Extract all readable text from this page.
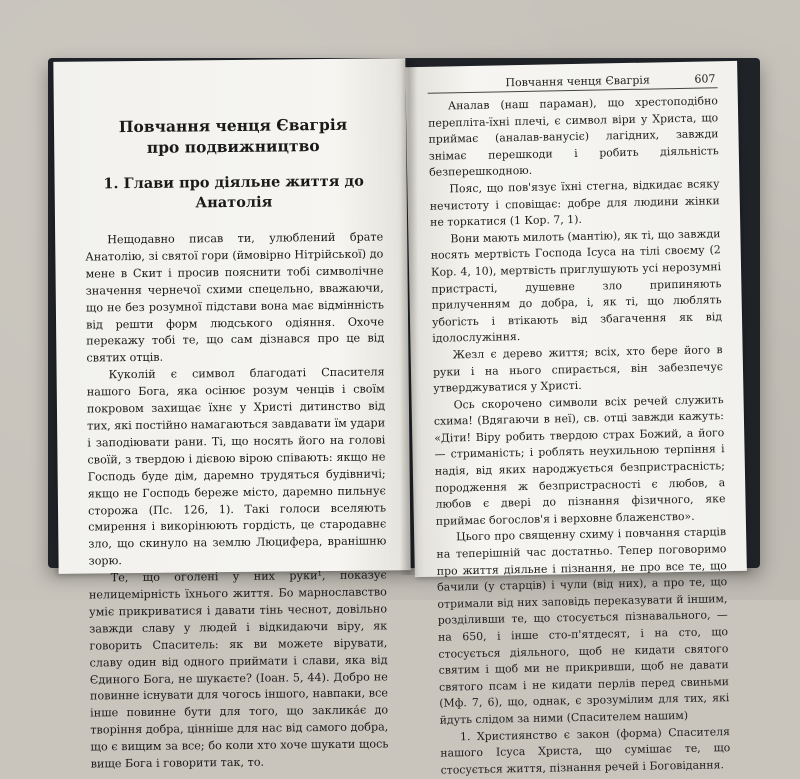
Повчання ченця Євагрія
про подвижництво
1. Глави про діяльне життя до Анатолія

Нещодавно писав ти, улюблений брате Анатолію, зі святої гори (ймовірно Нітрійської) до мене в Скит і просив пояснити тобі символічне значення чернечої схими спецельно, вважаючи, що не без розумної підстави вона має відмінність від решти форм людського одіяння. Охоче перекажу тобі те, що сам дізнався про це від святих отців.

Куколій є символ благодаті Спасителя нашого Бога, яка осінює розум ченців і своїм покровом захищає їхнє у Христі дитинство від тих, які постійно намагаються завдавати їм удари і заподіювати рани. Ті, що носять його на голові своїй, з твердою і дієвою вірою співають: якщо не Господь буде дім, даремно трудяться будівничі; якщо не Господь береже місто, даремно пильнує сторожа (Пс. 126, 1). Такі голоси вселяють смирення і викорінюють гордість, це стародавнє зло, що скинуло на землю Люцифера, вранішню зорю.

Те, що оголені у них руки¹, показує нелицемірність їхнього життя. Бо марнославство уміє прикриватися і давати тінь чеснот, довільно завжди славу у людей і відкидаючи віру, як говорить Спаситель: як ви можете вірувати, славу один від одного приймати і слави, яка від Єдиного Бога, не шукаєте? (Іоан. 5, 44). Добро не повинне існувати для чогось іншого, навпаки, все інше повинне бути для того, що заклика́є до творіння добра, цінніше для нас від самого добра, що є вищим за все; бо коли хто хоче шукати щось вище Бога і говорити так, то.

Повчання ченця Євагрія	607

Аналав (наш параман), що хрестоподібно перепліта-їхні плечі, є символ віри у Христа, що приймає (аналав-ванусіє) лагідних, завжди знімає перешкоди і робить діяльність безперешкодною.

Пояс, що пов'язує їхні стегна, відкидає всяку нечистоту і сповіщає: добре для людини жінки не торкатися (1 Кор. 7, 1).

Вони мають милоть (мантію), як ті, що завжди носять мертвість Господа Ісуса на тілі своєму (2 Кор. 4, 10), мертвість приглушують усі нерозумні пристрасті, душевне зло припиняють прилученням до добра, і, як ті, що люблять убогість і втікають від збагачення як від ідолослужіння.

Жезл є дерево життя; всіх, хто бере його в руки і на нього спирається, він забезпечує утверджуватися у Христі.

Ось скорочено символи всіх речей служить схима! (Вдягаючи в неї), св. отці завжди кажуть: «Діти! Віру робить твердою страх Божий, а його — стриманість; і роблять неухильною терпіння і надія, від яких народжується безпристрасність; породження ж безпристрасності є любов, а любов є двері до пізнання фізичного, яке приймає богослов'я і верховне блаженство».

Цього про священну схиму і повчання старців на теперішній час достатньо. Тепер поговоримо про життя діяльне і пізнання, не про все те, що бачили (у старців) і чули (від них), а про те, що отримали від них заповідь переказувати й іншим, розділивши те, що стосується пізнавального, — на 650, і інше сто-п'ятдесят, і на сто, що стосується діяльного, щоб не кидати святого святим і щоб ми не прикривши, щоб не давати святого псам і не кидати перлів перед свиньми (Мф. 7, 6), що, однак, є зрозумілим для тих, які йдуть слідом за ними (Спасителем нашим)

1. Християнство є закон (форма) Спасителя нашого Ісуса Христа, що сумішає те, що стосується життя, пізнання речей і Боговідання.
